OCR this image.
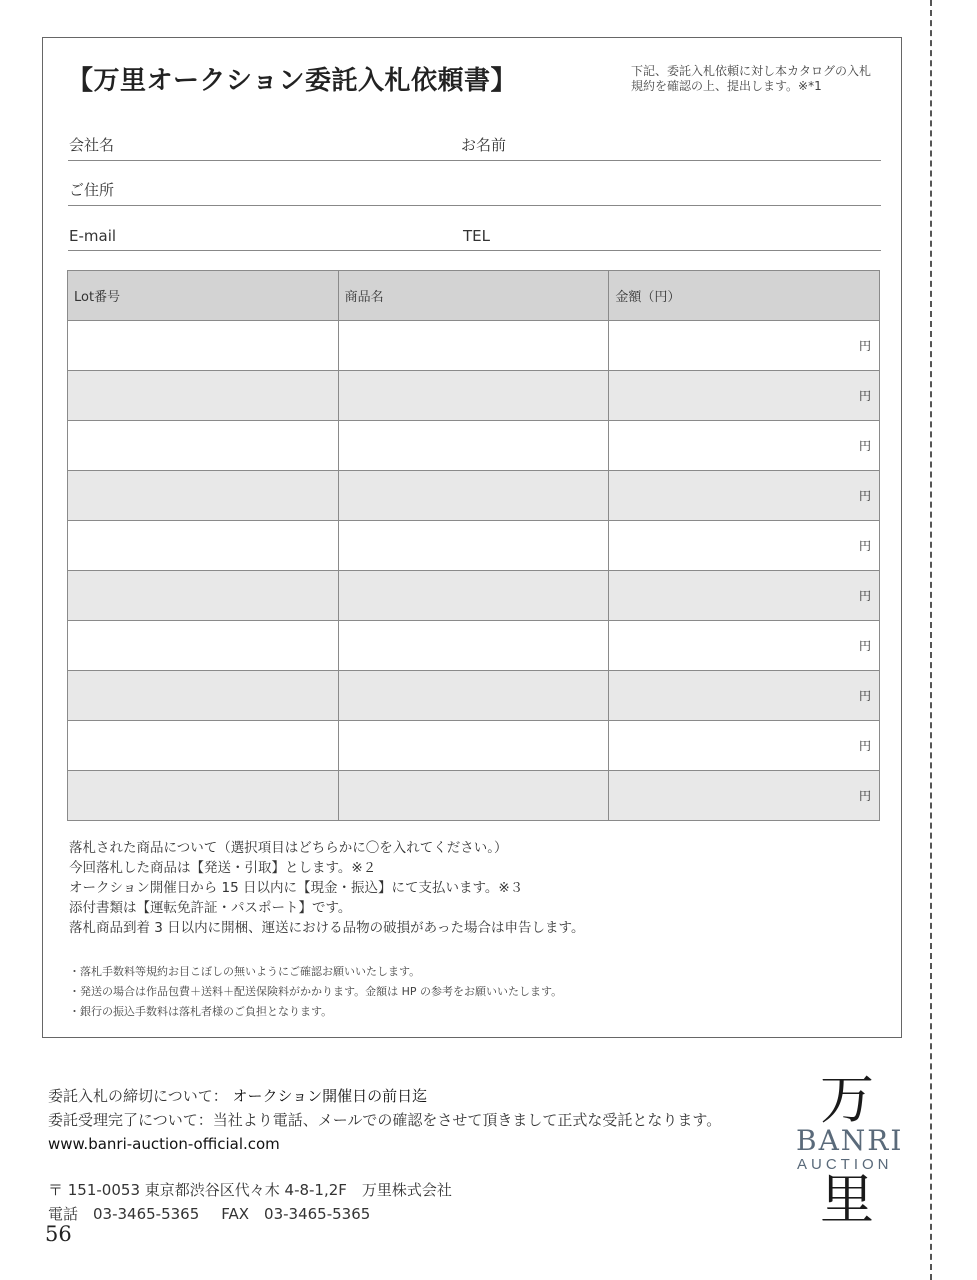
【万里オークション委託入札依頼書】	下記、委託入札依頼に対し本カタログの入札規約を確認の上、提出します。※*1
会社名	お名前
ご住所
E-mail	TEL
Lot番号	商品名	金額（円）
		円
		円
		円
		円
		円
		円
		円
		円
		円
		円
落札された商品について（選択項目はどちらかに〇を入れてください。）
今回落札した商品は【発送・引取】とします。※２
オークション開催日から 15 日以内に【現金・振込】にて支払います。※３
添付書類は【運転免許証・パスポート】です。
落札商品到着 3 日以内に開梱、運送における品物の破損があった場合は申告します。
・落札手数料等規約お目こぼしの無いようにご確認お願いいたします。
・発送の場合は作品包費＋送料＋配送保険料がかかります。金額は HP の参考をお願いいたします。
・銀行の振込手数料は落札者様のご負担となります。
委託入札の締切について： オークション開催日の前日迄
委託受理完了について：当社より電話、メールでの確認をさせて頂きまして正式な受託となります。
www.banri-auction-official.com
〒 151-0053 東京都渋谷区代々木 4-8-1,2F　万里株式会社
電話　03-3465-5365 FAX　03-3465-5365
56
万
BANRI
AUCTION
里
